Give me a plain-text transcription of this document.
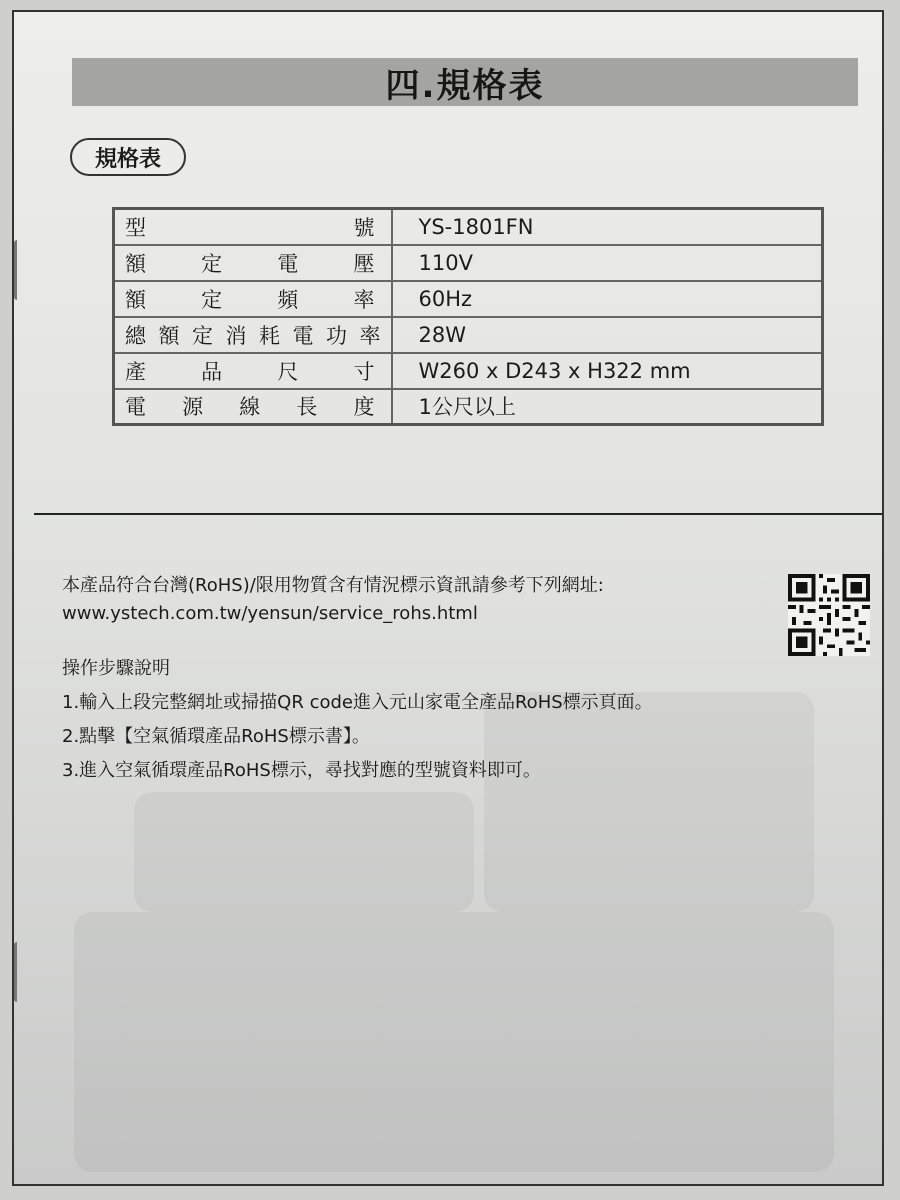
四.規格表
規格表
型號	YS-1801FN
額定電壓	110V
額定頻率	60Hz
總額定消耗電功率	28W
產品尺寸	W260 x D243 x H322 mm
電源線長度	1公尺以上
本產品符合台灣(RoHS)/限用物質含有情況標示資訊請參考下列網址:
www.ystech.com.tw/yensun/service_rohs.html
操作步驟說明
1.輸入上段完整網址或掃描QR code進入元山家電全產品RoHS標示頁面。
2.點擊【空氣循環產品RoHS標示書】。
3.進入空氣循環產品RoHS標示，尋找對應的型號資料即可。
